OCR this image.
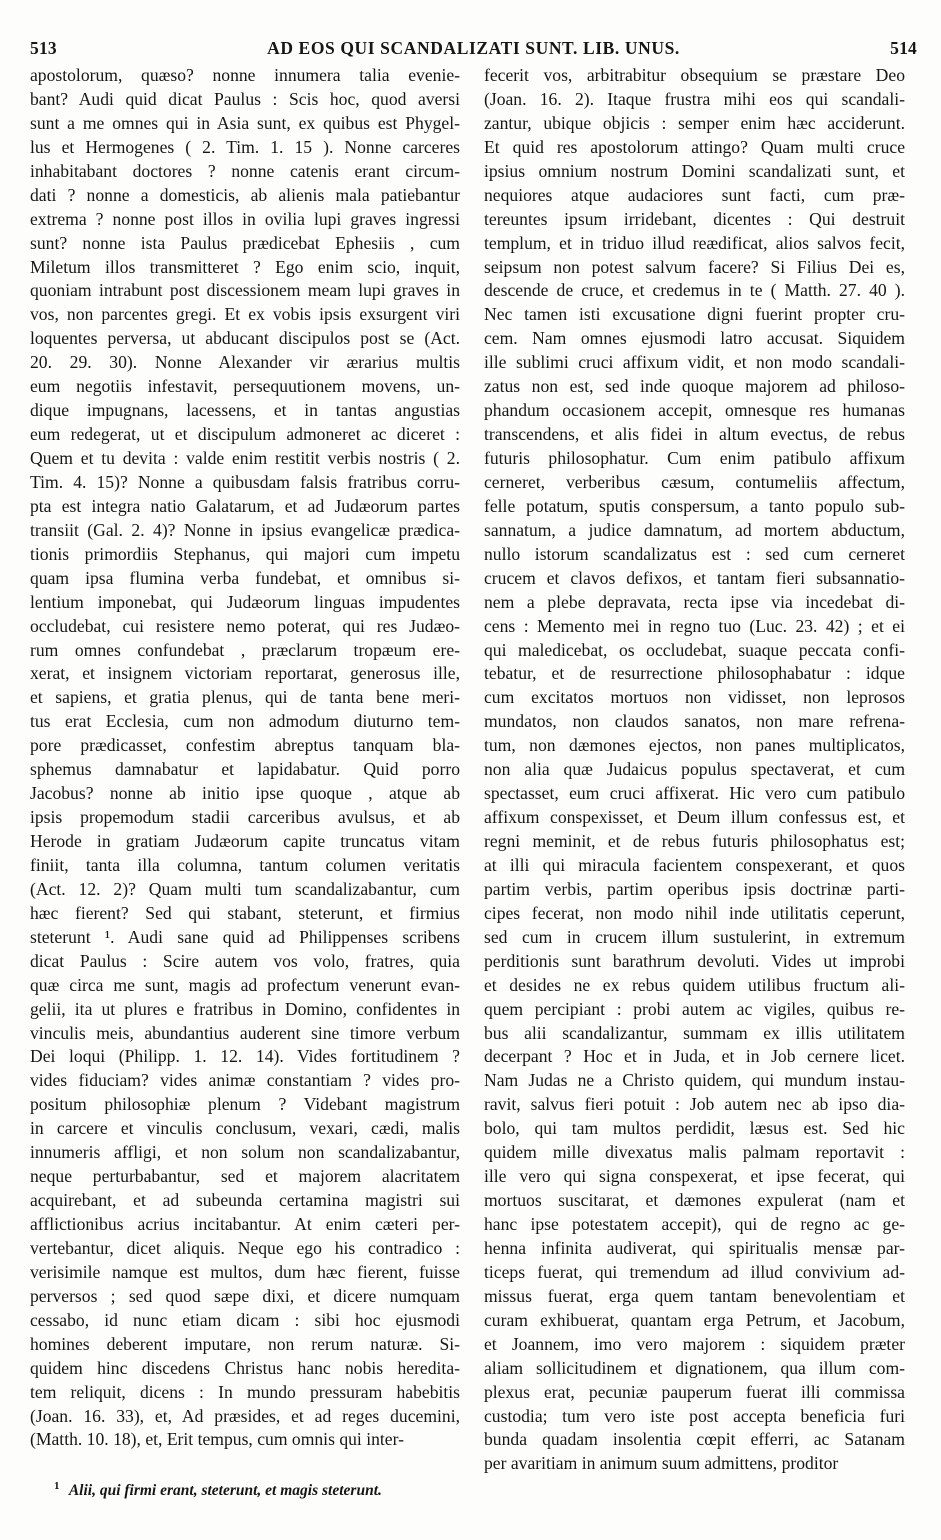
513	AD EOS QUI SCANDALIZATI SUNT. LIB. UNUS.	514
apostolorum, quæso? nonne innumera talia evenie-
bant? Audi quid dicat Paulus : Scis hoc, quod aversi
sunt a me omnes qui in Asia sunt, ex quibus est Phygel-
lus et Hermogenes ( 2. Tim. 1. 15 ). Nonne carceres
inhabitabant doctores ? nonne catenis erant circum-
dati ? nonne a domesticis, ab alienis mala patiebantur
extrema ? nonne post illos in ovilia lupi graves ingressi
sunt? nonne ista Paulus prædicebat Ephesiis , cum
Miletum illos transmitteret ? Ego enim scio, inquit,
quoniam intrabunt post discessionem meam lupi graves in
vos, non parcentes gregi. Et ex vobis ipsis exsurgent viri
loquentes perversa, ut abducant discipulos post se (Act.
20. 29. 30). Nonne Alexander vir ærarius multis
eum negotiis infestavit, persequutionem movens, un-
dique impugnans, lacessens, et in tantas angustias
eum redegerat, ut et discipulum admoneret ac diceret :
Quem et tu devita : valde enim restitit verbis nostris ( 2.
Tim. 4. 15)? Nonne a quibusdam falsis fratribus corru-
pta est integra natio Galatarum, et ad Judæorum partes
transiit (Gal. 2. 4)? Nonne in ipsius evangelicæ prædica-
tionis primordiis Stephanus, qui majori cum impetu
quam ipsa flumina verba fundebat, et omnibus si-
lentium imponebat, qui Judæorum linguas impudentes
occludebat, cui resistere nemo poterat, qui res Judæo-
rum omnes confundebat , præclarum tropæum ere-
xerat, et insignem victoriam reportarat, generosus ille,
et sapiens, et gratia plenus, qui de tanta bene meri-
tus erat Ecclesia, cum non admodum diuturno tem-
pore prædicasset, confestim abreptus tanquam bla-
sphemus damnabatur et lapidabatur. Quid porro
Jacobus? nonne ab initio ipse quoque , atque ab
ipsis propemodum stadii carceribus avulsus, et ab
Herode in gratiam Judæorum capite truncatus vitam
finiit, tanta illa columna, tantum columen veritatis
(Act. 12. 2)? Quam multi tum scandalizabantur, cum
hæc fierent? Sed qui stabant, steterunt, et firmius
steterunt ¹. Audi sane quid ad Philippenses scribens
dicat Paulus : Scire autem vos volo, fratres, quia
quæ circa me sunt, magis ad profectum venerunt evan-
gelii, ita ut plures e fratribus in Domino, confidentes in
vinculis meis, abundantius auderent sine timore verbum
Dei loqui (Philipp. 1. 12. 14). Vides fortitudinem ?
vides fiduciam? vides animæ constantiam ? vides pro-
positum philosophiæ plenum ? Videbant magistrum
in carcere et vinculis conclusum, vexari, cædi, malis
innumeris affligi, et non solum non scandalizabantur,
neque perturbabantur, sed et majorem alacritatem
acquirebant, et ad subeunda certamina magistri sui
afflictionibus acrius incitabantur. At enim cæteri per-
vertebantur, dicet aliquis. Neque ego his contradico :
verisimile namque est multos, dum hæc fierent, fuisse
perversos ; sed quod sæpe dixi, et dicere numquam
cessabo, id nunc etiam dicam : sibi hoc ejusmodi
homines deberent imputare, non rerum naturæ. Si-
quidem hinc discedens Christus hanc nobis heredita-
tem reliquit, dicens : In mundo pressuram habebitis
(Joan. 16. 33), et, Ad præsides, et ad reges ducemini,
(Matth. 10. 18), et, Erit tempus, cum omnis qui inter-
fecerit vos, arbitrabitur obsequium se præstare Deo
(Joan. 16. 2). Itaque frustra mihi eos qui scandali-
zantur, ubique objicis : semper enim hæc acciderunt.
Et quid res apostolorum attingo? Quam multi cruce
ipsius omnium nostrum Domini scandalizati sunt, et
nequiores atque audaciores sunt facti, cum præ-
tereuntes ipsum irridebant, dicentes : Qui destruit
templum, et in triduo illud reædificat, alios salvos fecit,
seipsum non potest salvum facere? Si Filius Dei es,
descende de cruce, et credemus in te ( Matth. 27. 40 ).
Nec tamen isti excusatione digni fuerint propter cru-
cem. Nam omnes ejusmodi latro accusat. Siquidem
ille sublimi cruci affixum vidit, et non modo scandali-
zatus non est, sed inde quoque majorem ad philoso-
phandum occasionem accepit, omnesque res humanas
transcendens, et alis fidei in altum evectus, de rebus
futuris philosophatur. Cum enim patibulo affixum
cerneret, verberibus cæsum, contumeliis affectum,
felle potatum, sputis conspersum, a tanto populo sub-
sannatum, a judice damnatum, ad mortem abductum,
nullo istorum scandalizatus est : sed cum cerneret
crucem et clavos defixos, et tantam fieri subsannatio-
nem a plebe depravata, recta ipse via incedebat di-
cens : Memento mei in regno tuo (Luc. 23. 42) ; et ei
qui maledicebat, os occludebat, suaque peccata confi-
tebatur, et de resurrectione philosophabatur : idque
cum excitatos mortuos non vidisset, non leprosos
mundatos, non claudos sanatos, non mare refrena-
tum, non dæmones ejectos, non panes multiplicatos,
non alia quæ Judaicus populus spectaverat, et cum
spectasset, eum cruci affixerat. Hic vero cum patibulo
affixum conspexisset, et Deum illum confessus est, et
regni meminit, et de rebus futuris philosophatus est;
at illi qui miracula facientem conspexerant, et quos
partim verbis, partim operibus ipsis doctrinæ parti-
cipes fecerat, non modo nihil inde utilitatis ceperunt,
sed cum in crucem illum sustulerint, in extremum
perditionis sunt barathrum devoluti. Vides ut improbi
et desides ne ex rebus quidem utilibus fructum ali-
quem percipiant : probi autem ac vigiles, quibus re-
bus alii scandalizantur, summam ex illis utilitatem
decerpant ? Hoc et in Juda, et in Job cernere licet.
Nam Judas ne a Christo quidem, qui mundum instau-
ravit, salvus fieri potuit : Job autem nec ab ipso dia-
bolo, qui tam multos perdidit, læsus est. Sed hic
quidem mille divexatus malis palmam reportavit :
ille vero qui signa conspexerat, et ipse fecerat, qui
mortuos suscitarat, et dæmones expulerat (nam et
hanc ipse potestatem accepit), qui de regno ac ge-
henna infinita audiverat, qui spiritualis mensæ par-
ticeps fuerat, qui tremendum ad illud convivium ad-
missus fuerat, erga quem tantam benevolentiam et
curam exhibuerat, quantam erga Petrum, et Jacobum,
et Joannem, imo vero majorem : siquidem præter
aliam sollicitudinem et dignationem, qua illum com-
plexus erat, pecuniæ pauperum fuerat illi commissa
custodia; tum vero iste post accepta beneficia furi
bunda quadam insolentia cœpit efferri, ac Satanam
per avaritiam in animum suum admittens, proditor
$^1$ Alii, qui firmi erant, steterunt, et magis steterunt.
